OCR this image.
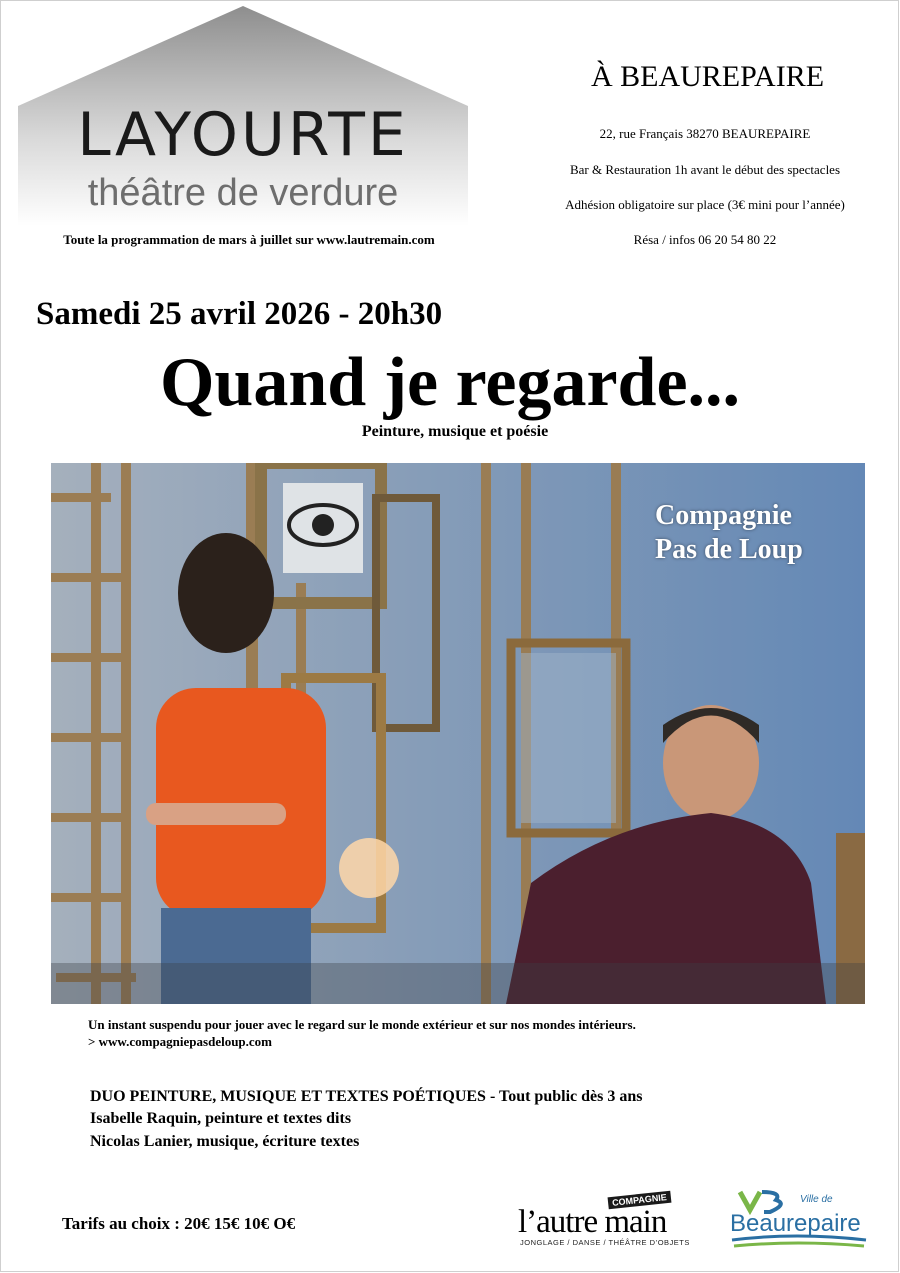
LAYOURTE
théâtre de verdure
Toute la programmation de mars à juillet sur www.lautremain.com
À BEAUREPAIRE
22, rue Français 38270 BEAUREPAIRE
Bar & Restauration 1h avant le début des spectacles
Adhésion obligatoire sur place (3€ mini pour l’année)
Résa / infos 06 20 54 80 22
Samedi 25 avril 2026 - 20h30
Quand je regarde...
Peinture, musique et poésie
Compagnie
Pas de Loup
Un instant suspendu pour jouer avec le regard sur le monde extérieur et sur nos mondes intérieurs.
> www.compagniepasdeloup.com
DUO PEINTURE, MUSIQUE ET TEXTES POÉTIQUES - Tout public dès 3 ans
Isabelle Raquin, peinture et textes dits
Nicolas Lanier, musique, écriture textes
Tarifs au choix : 20€ 15€ 10€ O€
COMPAGNIE
l’autre main
JONGLAGE / DANSE / THÉÂTRE D’OBJETS
Ville de
Beaurepaire
